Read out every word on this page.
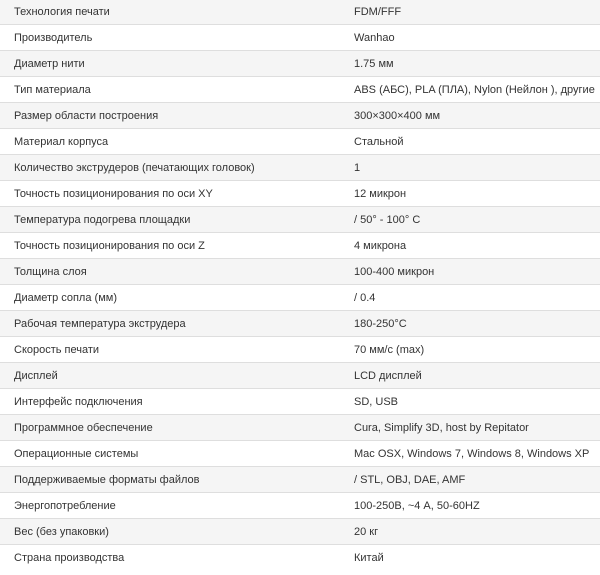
Технология печати	FDM/FFF
Производитель	Wanhao
Диаметр нити	1.75 мм
Тип материала	ABS (АБС), PLA (ПЛА), Nylon (Нейлон ), другие
Размер области построения	300×300×400 мм
Материал корпуса	Стальной
Количество экструдеров (печатающих головок)	1
Точность позиционирования по оси XY	12 микрон
Температура подогрева площадки	/ 50° - 100° C
Точность позиционирования по оси Z	4 микрона
Толщина слоя	100-400 микрон
Диаметр сопла (мм)	/ 0.4
Рабочая температура экструдера	180-250°C
Скорость печати	70 мм/с (max)
Дисплей	LCD дисплей
Интерфейс подключения	SD, USB
Программное обеспечение	Cura, Simplify 3D, host by Repitator
Операционные системы	Mac OSX, Windows 7, Windows 8, Windows XP
Поддерживаемые форматы файлов	/ STL, OBJ, DAE, AMF
Энергопотребление	100-250В, ~4 А, 50-60HZ
Вес (без упаковки)	20 кг
Страна производства	Китай
